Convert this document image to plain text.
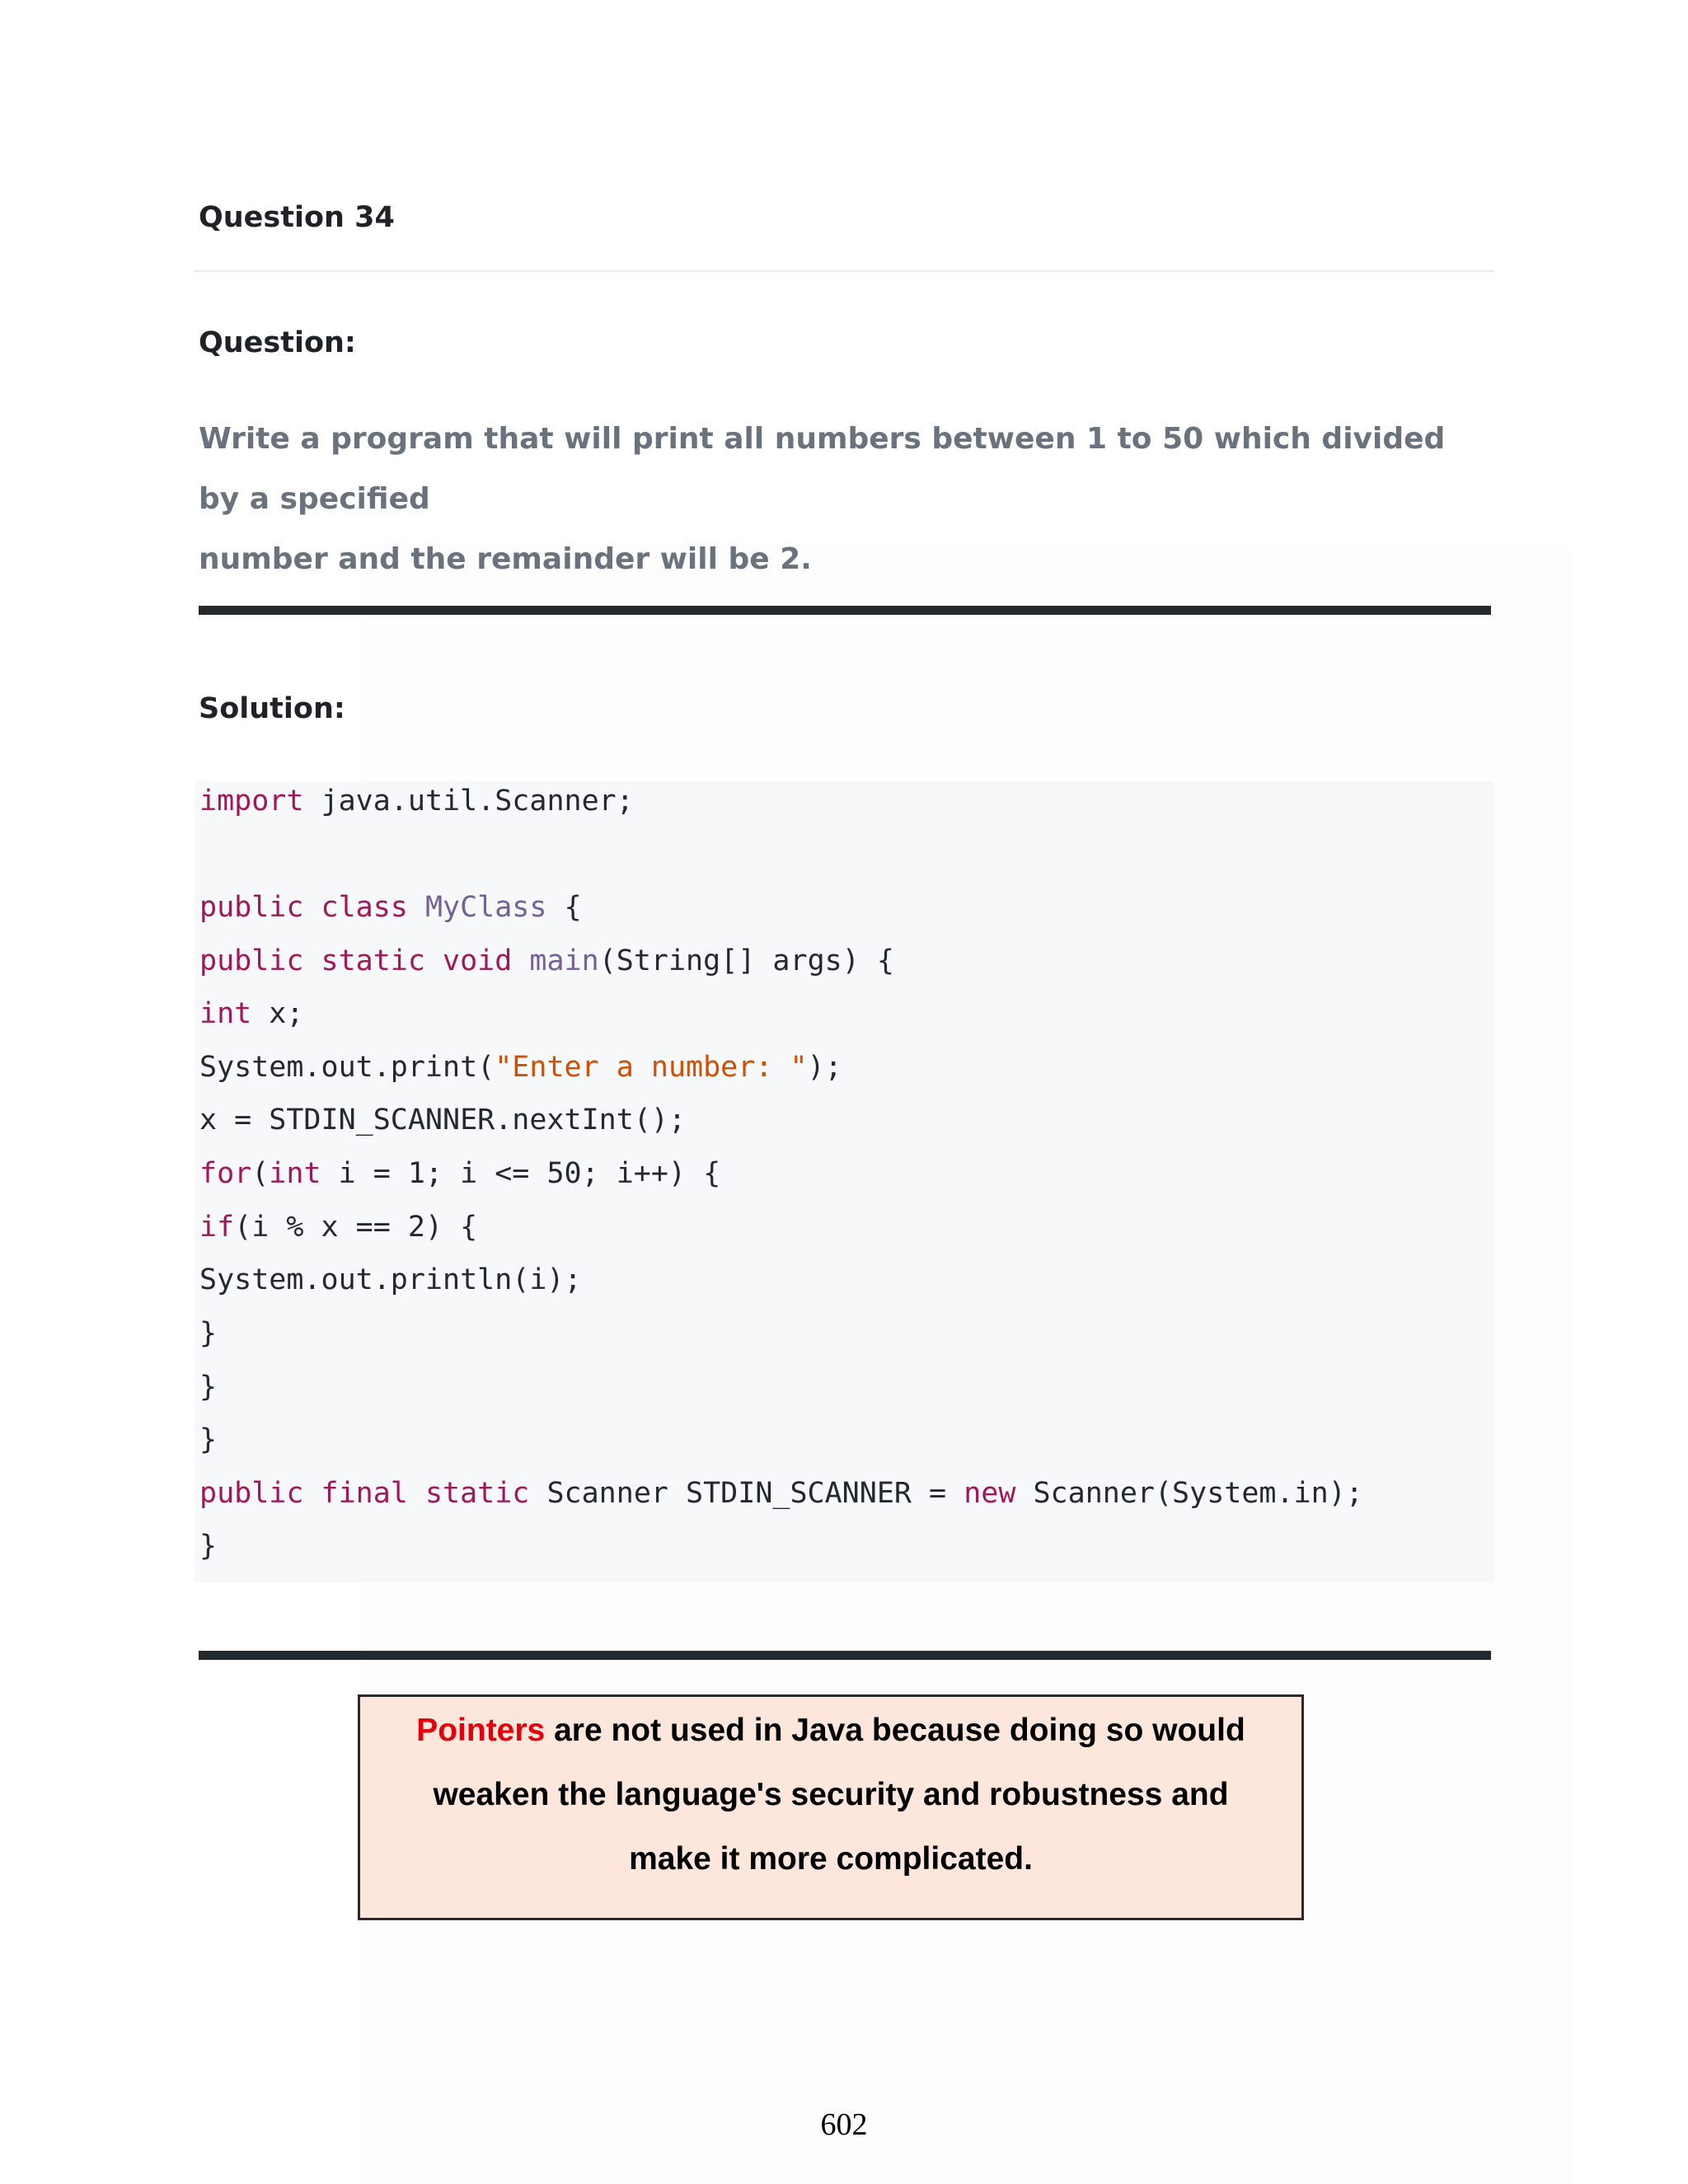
Question 34
Question:
Write a program that will print all numbers between 1 to 50 which divided by a specified
number and the remainder will be 2.
Solution:
import java.util.Scanner;
public class MyClass {
public static void main(String[] args) {
int x;
System.out.print("Enter a number: ");
x = STDIN_SCANNER.nextInt();
for(int i = 1; i <= 50; i++) {
if(i % x == 2) {
System.out.println(i);
}
}
}
public final static Scanner STDIN_SCANNER = new Scanner(System.in);
}
Pointers are not used in Java because doing so would
weaken the language's security and robustness and
make it more complicated.
602
